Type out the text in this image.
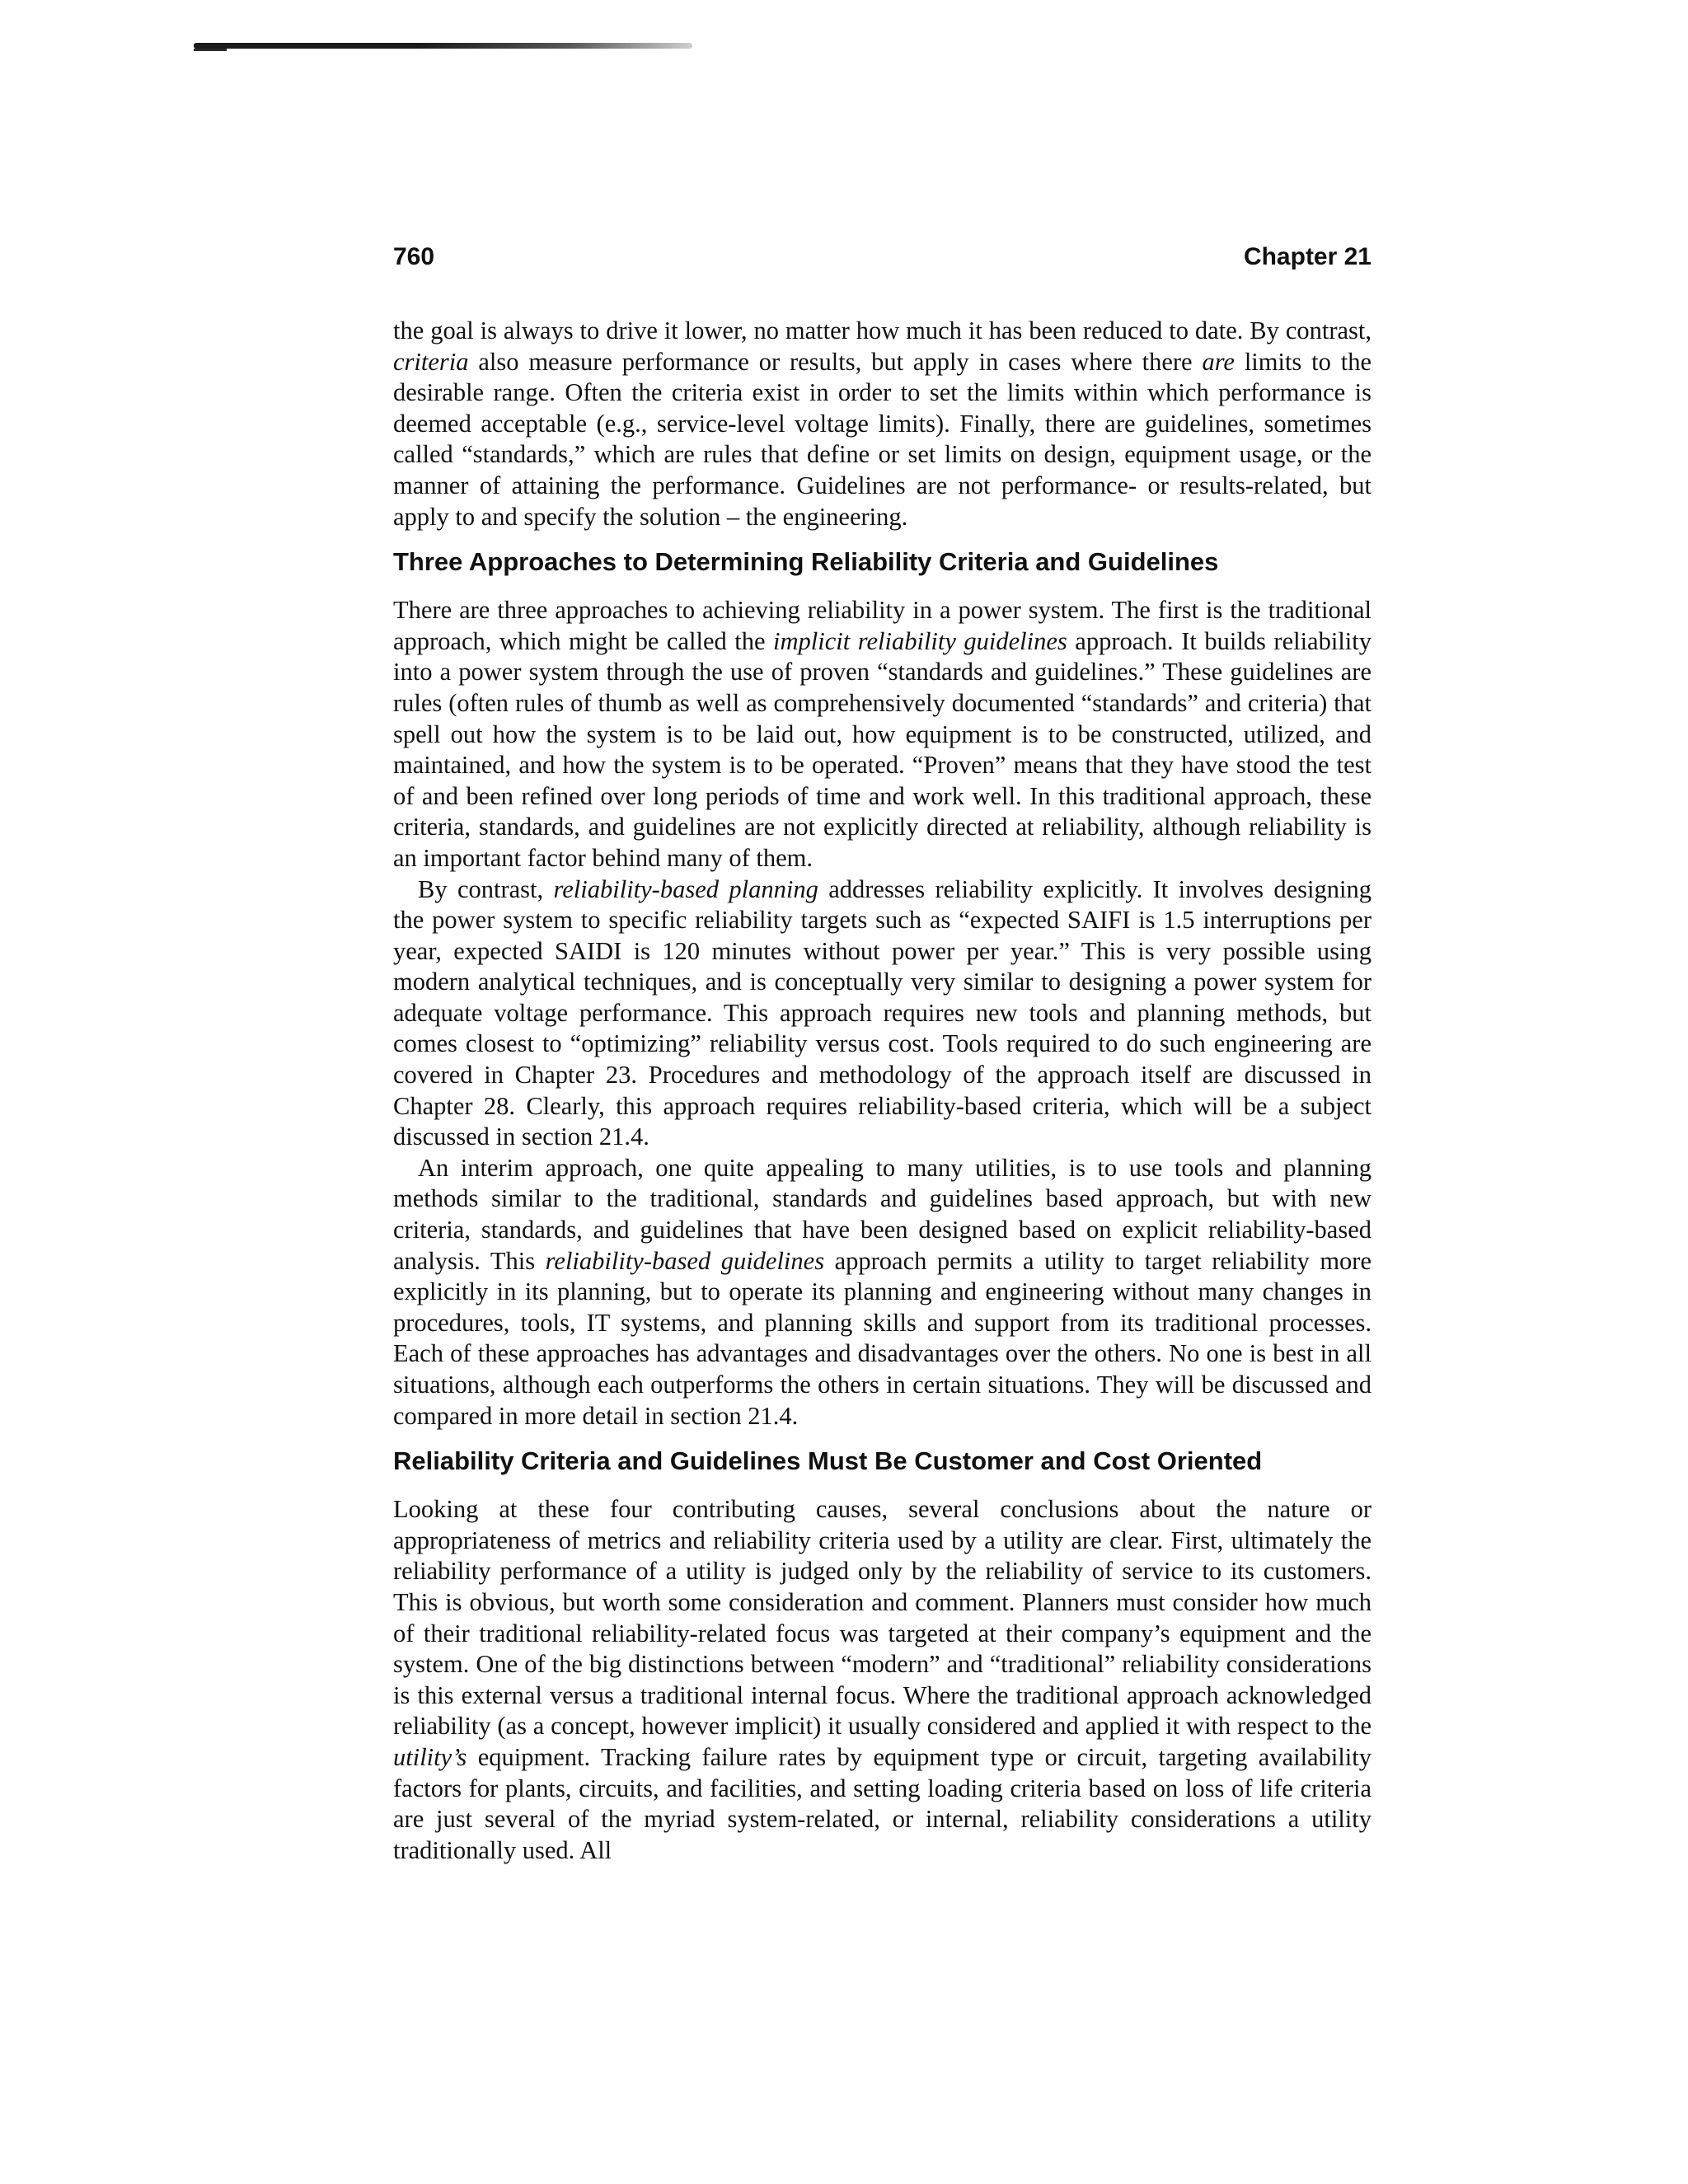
760	Chapter 21

the goal is always to drive it lower, no matter how much it has been reduced to date. By contrast, criteria also measure performance or results, but apply in cases where there are limits to the desirable range. Often the criteria exist in order to set the limits within which performance is deemed acceptable (e.g., service-level voltage limits). Finally, there are guidelines, sometimes called “standards,” which are rules that define or set limits on design, equipment usage, or the manner of attaining the performance. Guidelines are not performance- or results-related, but apply to and specify the solution – the engineering.

Three Approaches to Determining Reliability Criteria and Guidelines

There are three approaches to achieving reliability in a power system. The first is the traditional approach, which might be called the implicit reliability guidelines approach. It builds reliability into a power system through the use of proven “standards and guidelines.” These guidelines are rules (often rules of thumb as well as comprehensively documented “standards” and criteria) that spell out how the system is to be laid out, how equipment is to be constructed, utilized, and maintained, and how the system is to be operated. “Proven” means that they have stood the test of and been refined over long periods of time and work well. In this traditional approach, these criteria, standards, and guidelines are not explicitly directed at reliability, although reliability is an important factor behind many of them.

By contrast, reliability-based planning addresses reliability explicitly. It involves designing the power system to specific reliability targets such as “expected SAIFI is 1.5 interruptions per year, expected SAIDI is 120 minutes without power per year.” This is very possible using modern analytical techniques, and is conceptually very similar to designing a power system for adequate voltage performance. This approach requires new tools and planning methods, but comes closest to “optimizing” reliability versus cost. Tools required to do such engineering are covered in Chapter 23. Procedures and methodology of the approach itself are discussed in Chapter 28. Clearly, this approach requires reliability-based criteria, which will be a subject discussed in section 21.4.

An interim approach, one quite appealing to many utilities, is to use tools and planning methods similar to the traditional, standards and guidelines based approach, but with new criteria, standards, and guidelines that have been designed based on explicit reliability-based analysis. This reliability-based guidelines approach permits a utility to target reliability more explicitly in its planning, but to operate its planning and engineering without many changes in procedures, tools, IT systems, and planning skills and support from its traditional processes. Each of these approaches has advantages and disadvantages over the others. No one is best in all situations, although each outperforms the others in certain situations. They will be discussed and compared in more detail in section 21.4.

Reliability Criteria and Guidelines Must Be Customer and Cost Oriented

Looking at these four contributing causes, several conclusions about the nature or appropriateness of metrics and reliability criteria used by a utility are clear. First, ultimately the reliability performance of a utility is judged only by the reliability of service to its customers. This is obvious, but worth some consideration and comment. Planners must consider how much of their traditional reliability-related focus was targeted at their company’s equipment and the system. One of the big distinctions between “modern” and “traditional” reliability considerations is this external versus a traditional internal focus. Where the traditional approach acknowledged reliability (as a concept, however implicit) it usually considered and applied it with respect to the utility’s equipment. Tracking failure rates by equipment type or circuit, targeting availability factors for plants, circuits, and facilities, and setting loading criteria based on loss of life criteria are just several of the myriad system-related, or internal, reliability considerations a utility traditionally used. All
